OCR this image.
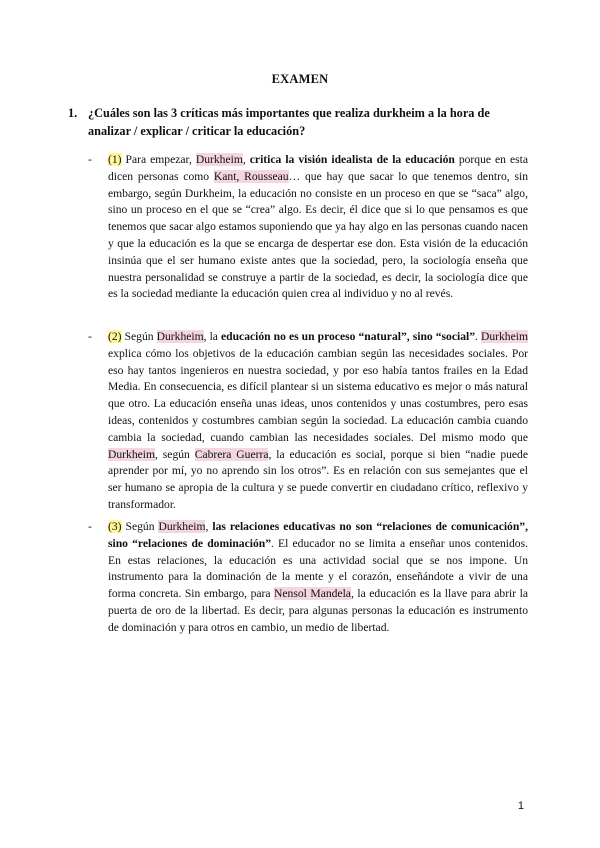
EXAMEN
1. ¿Cuáles son las 3 críticas más importantes que realiza durkheim a la hora de analizar / explicar / criticar la educación?
- (1) Para empezar, Durkheim, critica la visión idealista de la educación porque en esta dicen personas como Kant, Rousseau… que hay que sacar lo que tenemos dentro, sin embargo, según Durkheim, la educación no consiste en un proceso en que se “saca” algo, sino un proceso en el que se “crea” algo. Es decir, él dice que si lo que pensamos es que tenemos que sacar algo estamos suponiendo que ya hay algo en las personas cuando nacen y que la educación es la que se encarga de despertar ese don. Esta visión de la educación insinúa que el ser humano existe antes que la sociedad, pero, la sociología enseña que nuestra personalidad se construye a partir de la sociedad, es decir, la sociología dice que es la sociedad mediante la educación quien crea al individuo y no al revés.
- (2) Según Durkheim, la educación no es un proceso “natural”, sino “social”. Durkheim explica cómo los objetivos de la educación cambian según las necesidades sociales. Por eso hay tantos ingenieros en nuestra sociedad, y por eso había tantos frailes en la Edad Media. En consecuencia, es difícil plantear si un sistema educativo es mejor o más natural que otro. La educación enseña unas ideas, unos contenidos y unas costumbres, pero esas ideas, contenidos y costumbres cambian según la sociedad. La educación cambia cuando cambia la sociedad, cuando cambian las necesidades sociales. Del mismo modo que Durkheim, según Cabrera Guerra, la educación es social, porque si bien “nadie puede aprender por mí, yo no aprendo sin los otros”. Es en relación con sus semejantes que el ser humano se apropia de la cultura y se puede convertir en ciudadano crítico, reflexivo y transformador.
- (3) Según Durkheim, las relaciones educativas no son “relaciones de comunicación”, sino “relaciones de dominación”. El educador no se limita a enseñar unos contenidos. En estas relaciones, la educación es una actividad social que se nos impone. Un instrumento para la dominación de la mente y el corazón, enseñándote a vivir de una forma concreta. Sin embargo, para Nensol Mandela, la educación es la llave para abrir la puerta de oro de la libertad. Es decir, para algunas personas la educación es instrumento de dominación y para otros en cambio, un medio de libertad.
1
